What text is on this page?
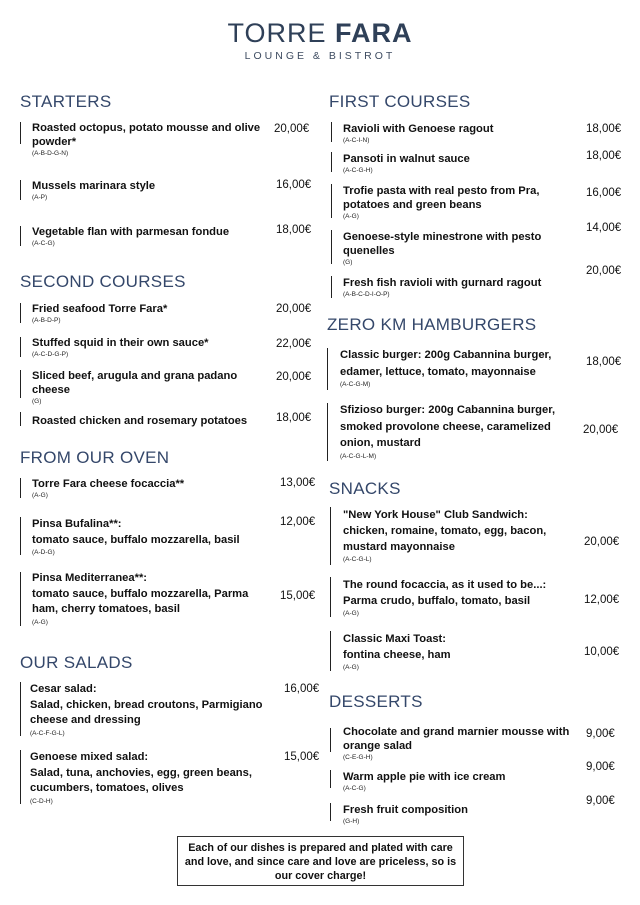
TORRE FARA
LOUNGE & BISTROT
STARTERS
Roasted octopus, potato mousse and olive powder*
(A-B-D-G-N)
20,00€
Mussels marinara style
(A-P)
16,00€
Vegetable flan with parmesan fondue
(A-C-G)
18,00€
SECOND COURSES
Fried seafood Torre Fara*
(A-B-D-P)
20,00€
Stuffed squid in their own sauce*
(A-C-D-G-P)
22,00€
Sliced beef, arugula and grana padano cheese
(G)
20,00€
Roasted chicken and rosemary potatoes	18,00€
FROM OUR OVEN
Torre Fara cheese focaccia**
(A-G)
13,00€
Pinsa Bufalina**:
tomato sauce, buffalo mozzarella, basil
(A-D-G)
12,00€
Pinsa Mediterranea**:
tomato sauce, buffalo mozzarella, Parma ham, cherry tomatoes, basil
(A-G)
15,00€
OUR SALADS
Cesar salad:
Salad, chicken, bread croutons, Parmigiano cheese and dressing
(A-C-F-G-L)
16,00€
Genoese mixed salad:
Salad, tuna, anchovies, egg, green beans, cucumbers, tomatoes, olives
(C-D-H)
15,00€
FIRST COURSES
Ravioli with Genoese ragout
(A-C-I-N)
18,00€
Pansoti in walnut sauce
(A-C-G-H)
18,00€
Trofie pasta with real pesto from Pra, potatoes and green beans
(A-G)
16,00€
Genoese-style minestrone with pesto quenelles
(G)
14,00€
Fresh fish ravioli with gurnard ragout
(A-B-C-D-I-O-P)
20,00€
ZERO KM HAMBURGERS
Classic burger: 200g Cabannina burger, edamer, lettuce, tomato, mayonnaise
(A-C-G-M)
18,00€
Sfizioso burger: 200g Cabannina burger, smoked provolone cheese, caramelized onion, mustard
(A-C-G-L-M)
20,00€
SNACKS
"New York House" Club Sandwich:
chicken, romaine, tomato, egg, bacon, mustard mayonnaise
(A-C-G-L)
20,00€
The round focaccia, as it used to be...:
Parma crudo, buffalo, tomato, basil
(A-G)
12,00€
Classic Maxi Toast:
fontina cheese, ham
(A-G)
10,00€
DESSERTS
Chocolate and grand marnier mousse with orange salad
(C-E-G-H)
9,00€
Warm apple pie with ice cream
(A-C-G)
9,00€
Fresh fruit composition
(G-H)
9,00€
Each of our dishes is prepared and plated with care and love, and since care and love are priceless, so is our cover charge!
